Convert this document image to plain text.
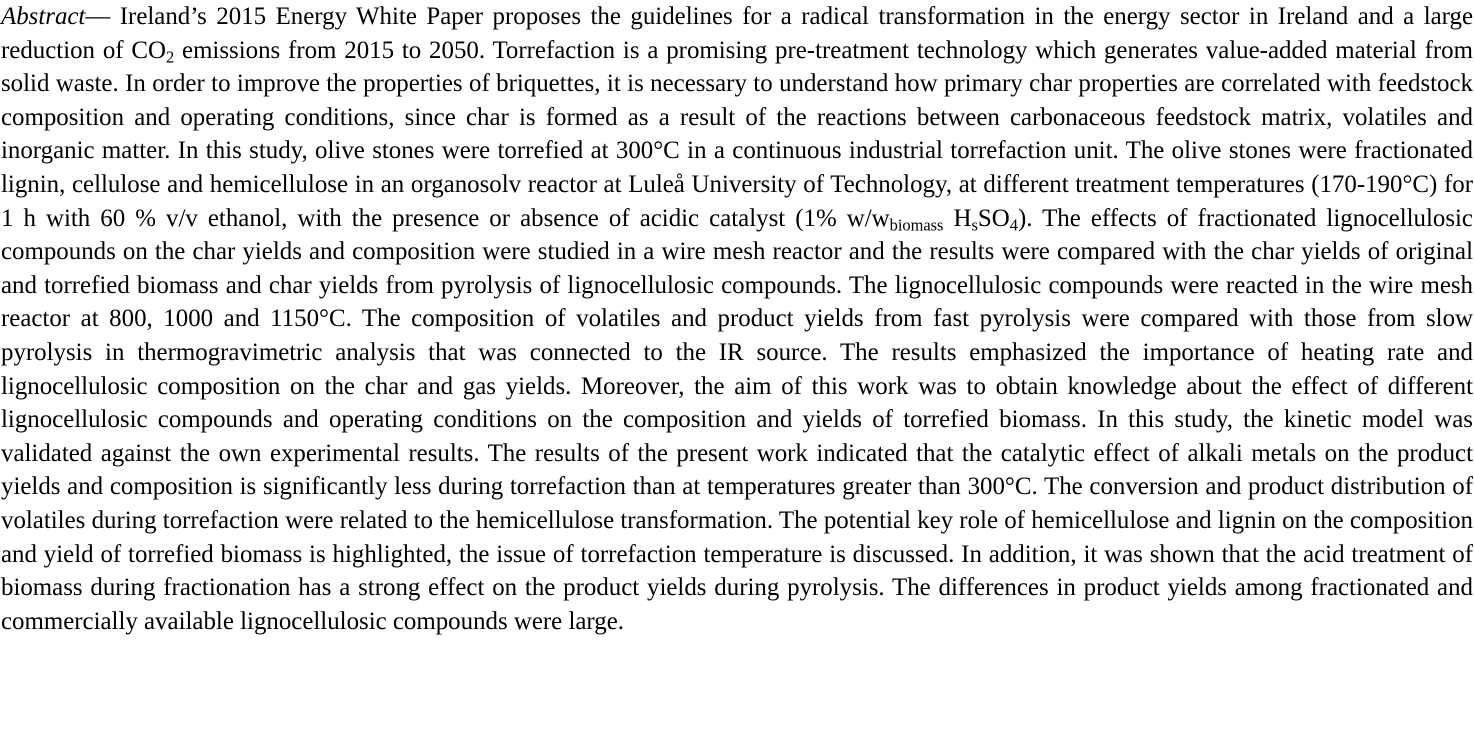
Abstract— Ireland’s 2015 Energy White Paper proposes the guidelines for a radical transformation in the energy sector in Ireland and a large reduction of $CO_2$ emissions from 2015 to 2050. Torrefaction is a promising pre-treatment technology which generates value-added material from solid waste. In order to improve the properties of briquettes, it is necessary to understand how primary char properties are correlated with feedstock composition and operating conditions, since char is formed as a result of the reactions between carbonaceous feedstock matrix, volatiles and inorganic matter. In this study, olive stones were torrefied at 300°C in a continuous industrial torrefaction unit. The olive stones were fractionated lignin, cellulose and hemicellulose in an organosolv reactor at Luleå University of Technology, at different treatment temperatures (170-190°C) for 1 h with 60 % v/v ethanol, with the presence or absence of acidic catalyst (1% $w/w_{biomass}$ $H_sSO_4$). The effects of fractionated lignocellulosic compounds on the char yields and composition were studied in a wire mesh reactor and the results were compared with the char yields of original and torrefied biomass and char yields from pyrolysis of lignocellulosic compounds. The lignocellulosic compounds were reacted in the wire mesh reactor at 800, 1000 and 1150°C. The composition of volatiles and product yields from fast pyrolysis were compared with those from slow pyrolysis in thermogravimetric analysis that was connected to the IR source. The results emphasized the importance of heating rate and lignocellulosic composition on the char and gas yields. Moreover, the aim of this work was to obtain knowledge about the effect of different lignocellulosic compounds and operating conditions on the composition and yields of torrefied biomass. In this study, the kinetic model was validated against the own experimental results. The results of the present work indicated that the catalytic effect of alkali metals on the product yields and composition is significantly less during torrefaction than at temperatures greater than 300°C. The conversion and product distribution of volatiles during torrefaction were related to the hemicellulose transformation. The potential key role of hemicellulose and lignin on the composition and yield of torrefied biomass is highlighted, the issue of torrefaction temperature is discussed. In addition, it was shown that the acid treatment of biomass during fractionation has a strong effect on the product yields during pyrolysis. The differences in product yields among fractionated and commercially available lignocellulosic compounds were large.
